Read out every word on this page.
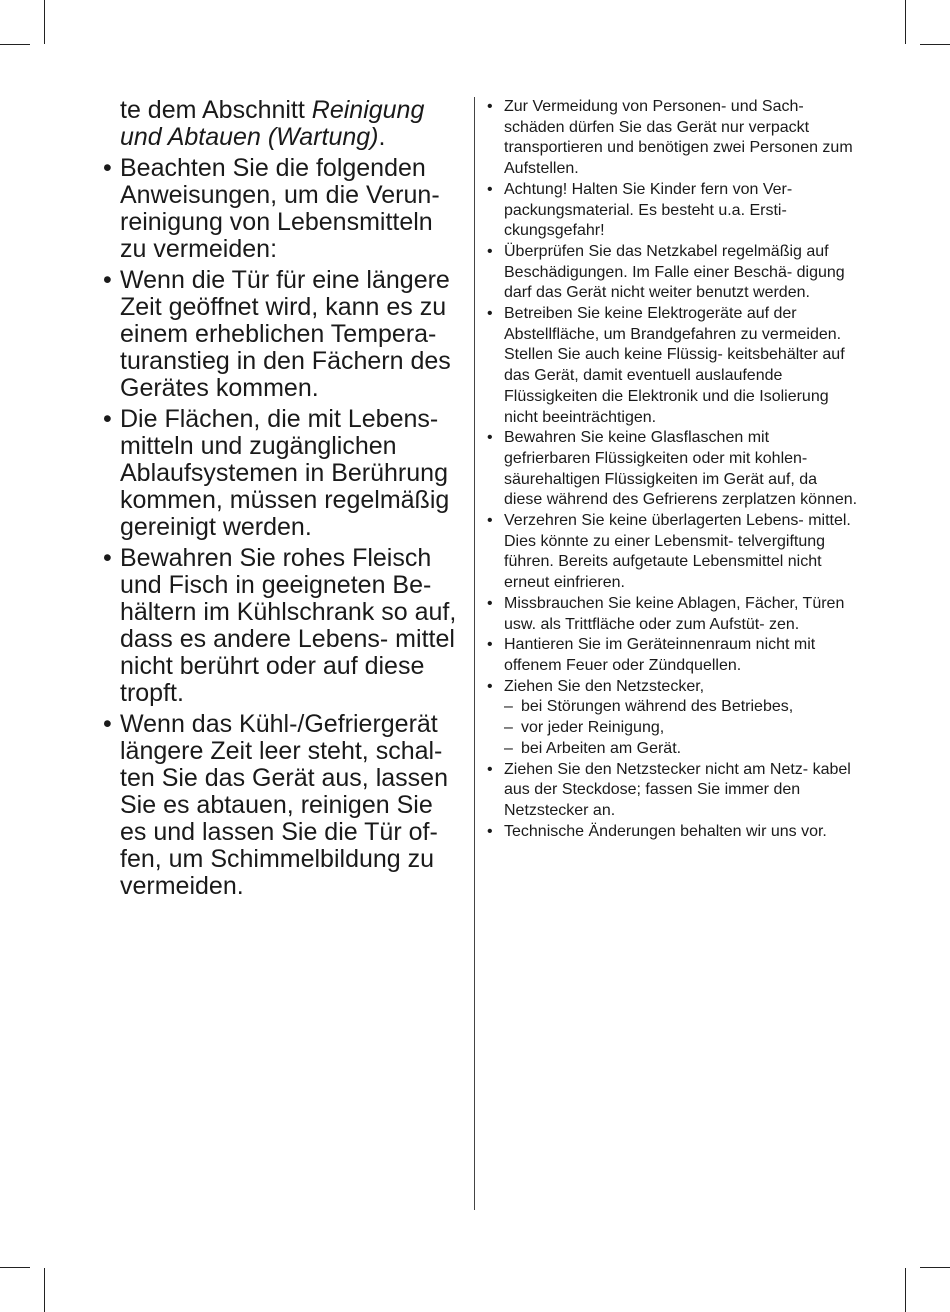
te dem Abschnitt Reinigung und Abtauen (Wartung).
• Beachten Sie die folgenden Anweisungen, um die Verun- reinigung von Lebensmitteln zu vermeiden:
• Wenn die Tür für eine längere Zeit geöffnet wird, kann es zu einem erheblichen Tempera- turanstieg in den Fächern des Gerätes kommen.
• Die Flächen, die mit Lebens- mitteln und zugänglichen Ablaufsystemen in Berührung kommen, müssen regelmäßig gereinigt werden.
• Bewahren Sie rohes Fleisch und Fisch in geeigneten Be- hältern im Kühlschrank so auf, dass es andere Lebens- mittel nicht berührt oder auf diese tropft.
• Wenn das Kühl-/Gefriergerät längere Zeit leer steht, schal- ten Sie das Gerät aus, lassen Sie es abtauen, reinigen Sie es und lassen Sie die Tür of- fen, um Schimmelbildung zu vermeiden.
• Zur Vermeidung von Personen- und Sach- schäden dürfen Sie das Gerät nur verpackt transportieren und benötigen zwei Personen zum Aufstellen.
• Achtung! Halten Sie Kinder fern von Ver- packungsmaterial. Es besteht u.a. Ersti- ckungsgefahr!
• Überprüfen Sie das Netzkabel regelmäßig auf Beschädigungen. Im Falle einer Beschä- digung darf das Gerät nicht weiter benutzt werden.
• Betreiben Sie keine Elektrogeräte auf der Abstellfläche, um Brandgefahren zu vermeiden. Stellen Sie auch keine Flüssig- keitsbehälter auf das Gerät, damit eventuell auslaufende Flüssigkeiten die Elektronik und die Isolierung nicht beeinträchtigen.
• Bewahren Sie keine Glasflaschen mit gefrierbaren Flüssigkeiten oder mit kohlen- säurehaltigen Flüssigkeiten im Gerät auf, da diese während des Gefrierens zerplatzen können.
• Verzehren Sie keine überlagerten Lebens- mittel. Dies könnte zu einer Lebensmit- telvergiftung führen. Bereits aufgetaute Lebensmittel nicht erneut einfrieren.
• Missbrauchen Sie keine Ablagen, Fächer, Türen usw. als Trittfläche oder zum Aufstüt- zen.
• Hantieren Sie im Geräteinnenraum nicht mit offenem Feuer oder Zündquellen.
• Ziehen Sie den Netzstecker,
– bei Störungen während des Betriebes,
– vor jeder Reinigung,
– bei Arbeiten am Gerät.
• Ziehen Sie den Netzstecker nicht am Netz- kabel aus der Steckdose; fassen Sie immer den Netzstecker an.
• Technische Änderungen behalten wir uns vor.
